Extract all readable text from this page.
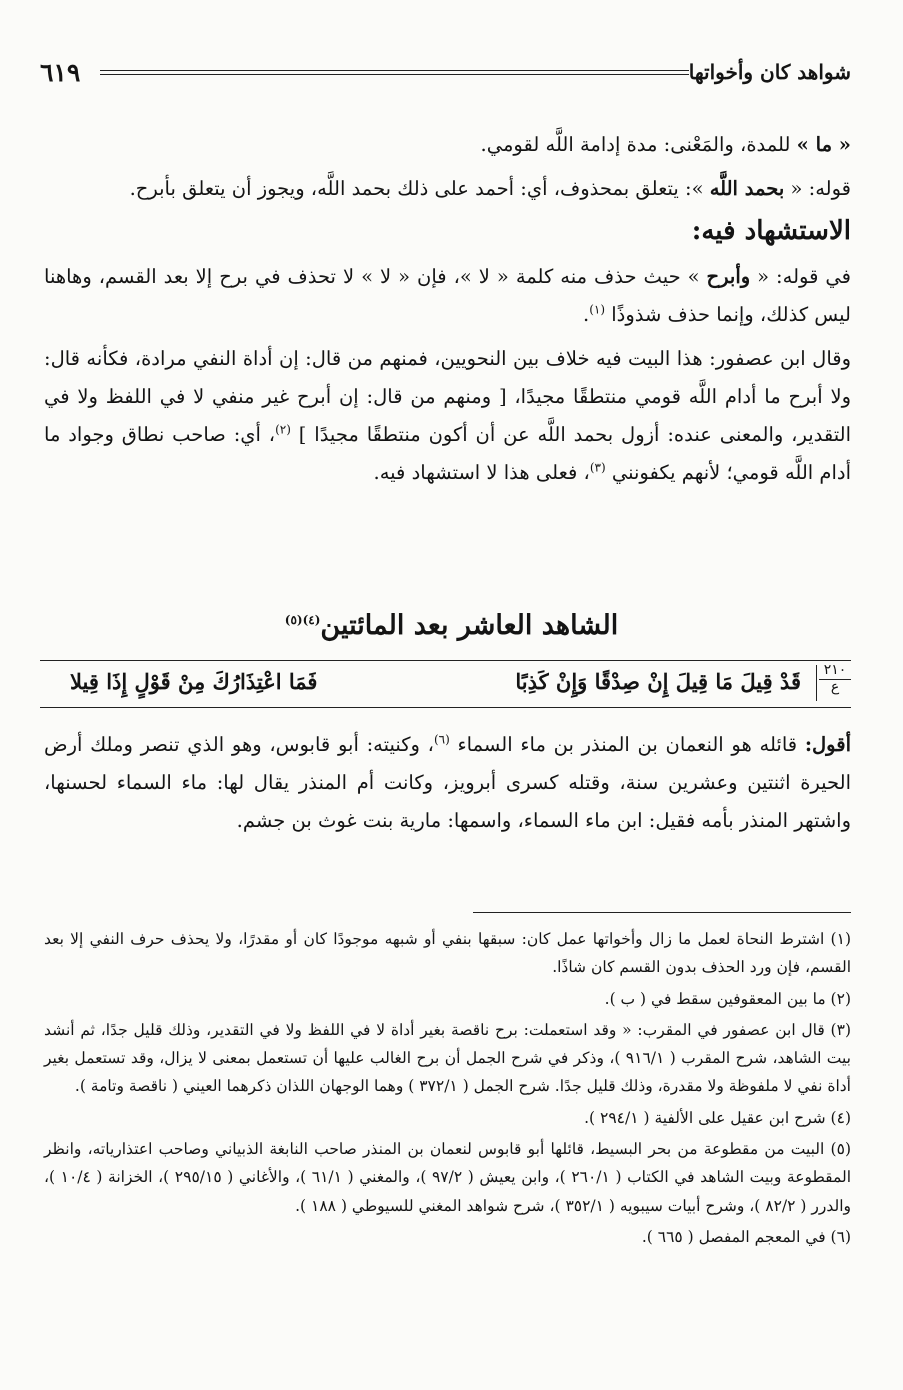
شواهد كان وأخواتها
٦١٩

« ما » للمدة، والمَعْنى: مدة إدامة اللَّه لقومي.

قوله: « بحمد اللَّه »: يتعلق بمحذوف، أي: أحمد على ذلك بحمد اللَّه، ويجوز أن يتعلق بأبرح.

الاستشهاد فيه:

في قوله: « وأبرح » حيث حذف منه كلمة « لا »، فإن « لا » لا تحذف في برح إلا بعد القسم، وهاهنا ليس كذلك، وإنما حذف شذوذًا $^{(١)}$.

وقال ابن عصفور: هذا البيت فيه خلاف بين النحويين، فمنهم من قال: إن أداة النفي مرادة، فكأنه قال: ولا أبرح ما أدام اللَّه قومي منتطقًا مجيدًا، [ ومنهم من قال: إن أبرح غير منفي لا في اللفظ ولا في التقدير، والمعنى عنده: أزول بحمد اللَّه عن أن أكون منتطقًا مجيدًا ] $^{(٢)}$، أي: صاحب نطاق وجواد ما أدام اللَّه قومي؛ لأنهم يكفونني $^{(٣)}$، فعلى هذا لا استشهاد فيه.

الشاهد العاشر بعد المائتين$^{(٤)(٥)}$
٢١٠
ع
قَدْ قِيلَ مَا قِيلَ إِنْ صِدْقًا وَإِنْ كَذِبًا
فَمَا اعْتِذَارُكَ مِنْ قَوْلٍ إِذَا قِيلا

أقول: قائله هو النعمان بن المنذر بن ماء السماء $^{(٦)}$، وكنيته: أبو قابوس، وهو الذي تنصر وملك أرض الحيرة اثنتين وعشرين سنة، وقتله كسرى أبرويز، وكانت أم المنذر يقال لها: ماء السماء لحسنها، واشتهر المنذر بأمه فقيل: ابن ماء السماء، واسمها: مارية بنت غوث بن جشم.

(١) اشترط النحاة لعمل ما زال وأخواتها عمل كان: سبقها بنفي أو شبهه موجودًا كان أو مقدرًا، ولا يحذف حرف النفي إلا بعد القسم، فإن ورد الحذف بدون القسم كان شاذًا.

(٢) ما بين المعقوفين سقط في ( ب ).

(٣) قال ابن عصفور في المقرب: « وقد استعملت: برح ناقصة بغير أداة لا في اللفظ ولا في التقدير، وذلك قليل جدًا، ثم أنشد بيت الشاهد، شرح المقرب ( ٩١٦/١ )، وذكر في شرح الجمل أن برح الغالب عليها أن تستعمل بمعنى لا يزال، وقد تستعمل بغير أداة نفي لا ملفوظة ولا مقدرة، وذلك قليل جدًا. شرح الجمل ( ٣٧٢/١ ) وهما الوجهان اللذان ذكرهما العيني ( ناقصة وتامة ).

(٤) شرح ابن عقيل على الألفية ( ٢٩٤/١ ).

(٥) البيت من مقطوعة من بحر البسيط، قائلها أبو قابوس لنعمان بن المنذر صاحب النابغة الذبياني وصاحب اعتذارياته، وانظر المقطوعة وبيت الشاهد في الكتاب ( ٢٦٠/١ )، وابن يعيش ( ٩٧/٢ )، والمغني ( ٦١/١ )، والأغاني ( ٢٩٥/١٥ )، الخزانة ( ١٠/٤ )، والدرر ( ٨٢/٢ )، وشرح أبيات سيبويه ( ٣٥٢/١ )، شرح شواهد المغني للسيوطي ( ١٨٨ ).

(٦) في المعجم المفصل ( ٦٦٥ ).
